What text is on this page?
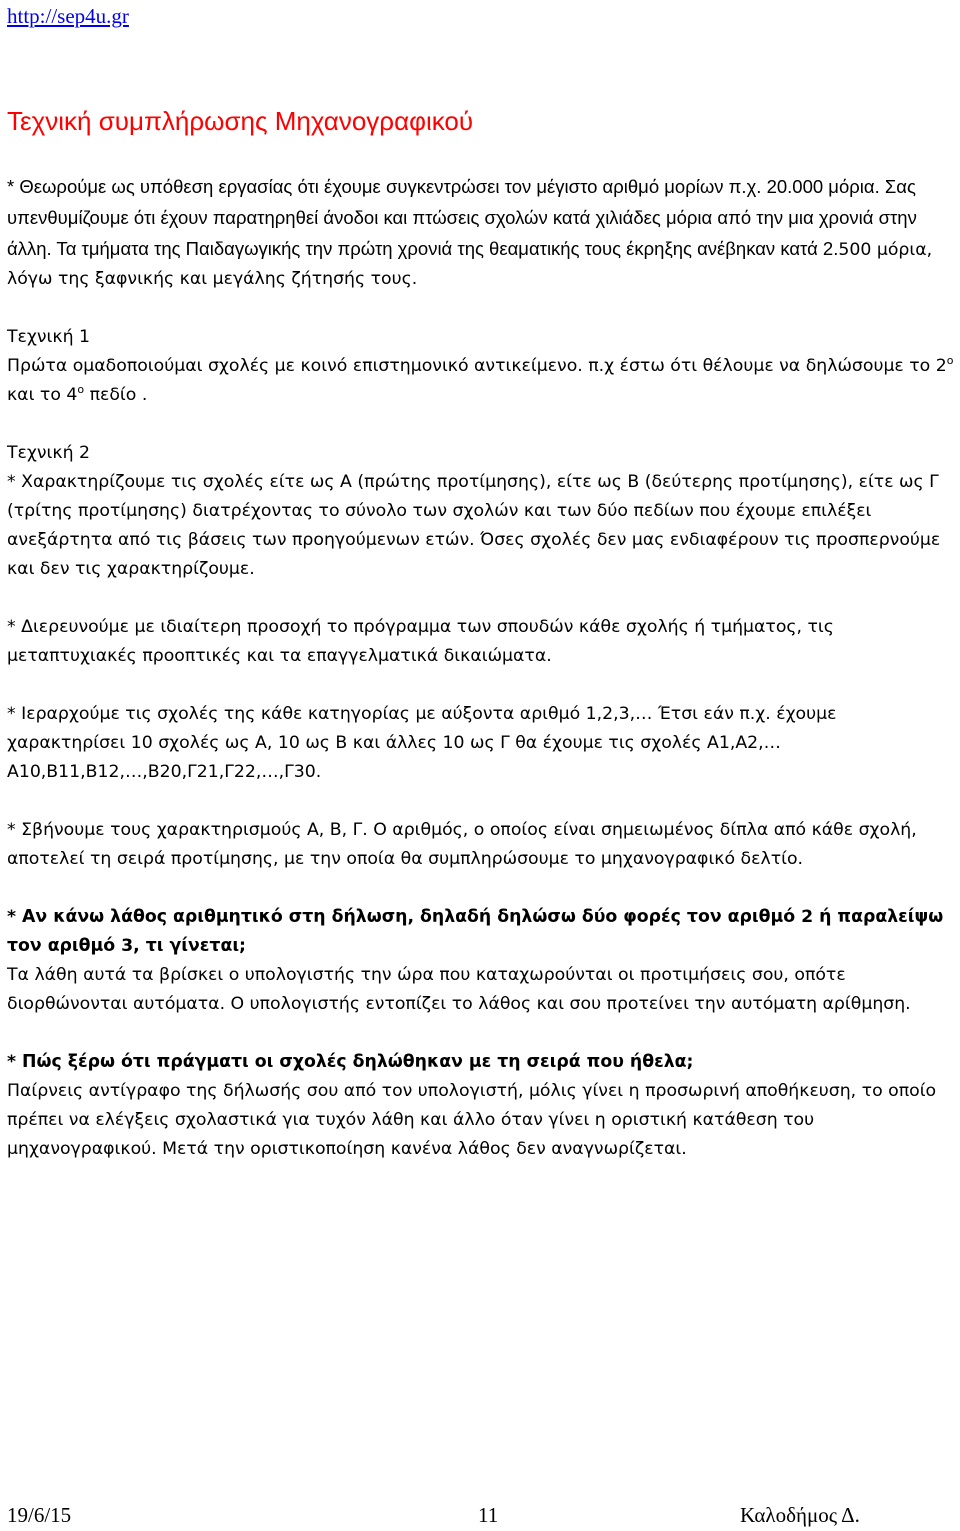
http://sep4u.gr
Τεχνική συμπλήρωσης Μηχανογραφικού

* Θεωρούμε ως υπόθεση εργασίας ότι έχουμε συγκεντρώσει τον μέγιστο αριθμό μορίων π.χ. 20.000 μόρια. Σας υπενθυμίζουμε ότι έχουν παρατηρηθεί άνοδοι και πτώσεις σχολών κατά χιλιάδες μόρια από την μια χρονιά στην άλλη. Τα τμήματα της Παιδαγωγικής την πρώτη χρονιά της θεαματικής τους έκρηξης ανέβηκαν κατά 2.500 μόρια, λόγω της ξαφνικής και μεγάλης ζήτησής τους.

Τεχνική 1
Πρώτα ομαδοποιούμαι σχολές με κοινό επιστημονικό αντικείμενο. π.χ έστω ότι θέλουμε να δηλώσουμε το $2^o$ και το $4^o$ πεδίο .

Τεχνική 2
* Χαρακτηρίζουμε τις σχολές είτε ως Α (πρώτης προτίμησης), είτε ως Β (δεύτερης προτίμησης), είτε ως Γ (τρίτης προτίμησης) διατρέχοντας το σύνολο των σχολών και των δύο πεδίων που έχουμε επιλέξει ανεξάρτητα από τις βάσεις των προηγούμενων ετών. Όσες σχολές δεν μας ενδιαφέρουν τις προσπερνούμε και δεν τις χαρακτηρίζουμε.

* Διερευνούμε με ιδιαίτερη προσοχή το πρόγραμμα των σπουδών κάθε σχολής ή τμήματος, τις μεταπτυχιακές προοπτικές και τα επαγγελματικά δικαιώματα.

* Ιεραρχούμε τις σχολές της κάθε κατηγορίας με αύξοντα αριθμό 1,2,3,… Έτσι εάν π.χ. έχουμε χαρακτηρίσει 10 σχολές ως Α, 10 ως Β και άλλες 10 ως Γ θα έχουμε τις σχολές Α1,Α2,…Α10,Β11,Β12,…,Β20,Γ21,Γ22,…,Γ30.

* Σβήνουμε τους χαρακτηρισμούς Α, Β, Γ. Ο αριθμός, ο οποίος είναι σημειωμένος δίπλα από κάθε σχολή, αποτελεί τη σειρά προτίμησης, με την οποία θα συμπληρώσουμε το μηχανογραφικό δελτίο.

* Αν κάνω λάθος αριθμητικό στη δήλωση, δηλαδή δηλώσω δύο φορές τον αριθμό 2 ή παραλείψω τον αριθμό 3, τι γίνεται;
Τα λάθη αυτά τα βρίσκει ο υπολογιστής την ώρα που καταχωρούνται οι προτιμήσεις σου, οπότε διορθώνονται αυτόματα. Ο υπολογιστής εντοπίζει το λάθος και σου προτείνει την αυτόματη αρίθμηση.

* Πώς ξέρω ότι πράγματι οι σχολές δηλώθηκαν με τη σειρά που ήθελα;
Παίρνεις αντίγραφο της δήλωσής σου από τον υπολογιστή, μόλις γίνει η προσωρινή αποθήκευση, το οποίο πρέπει να ελέγξεις σχολαστικά για τυχόν λάθη και άλλο όταν γίνει η οριστική κατάθεση του μηχανογραφικού. Μετά την οριστικοποίηση κανένα λάθος δεν αναγνωρίζεται.

19/6/15	11	Καλοδήμος Δ.
